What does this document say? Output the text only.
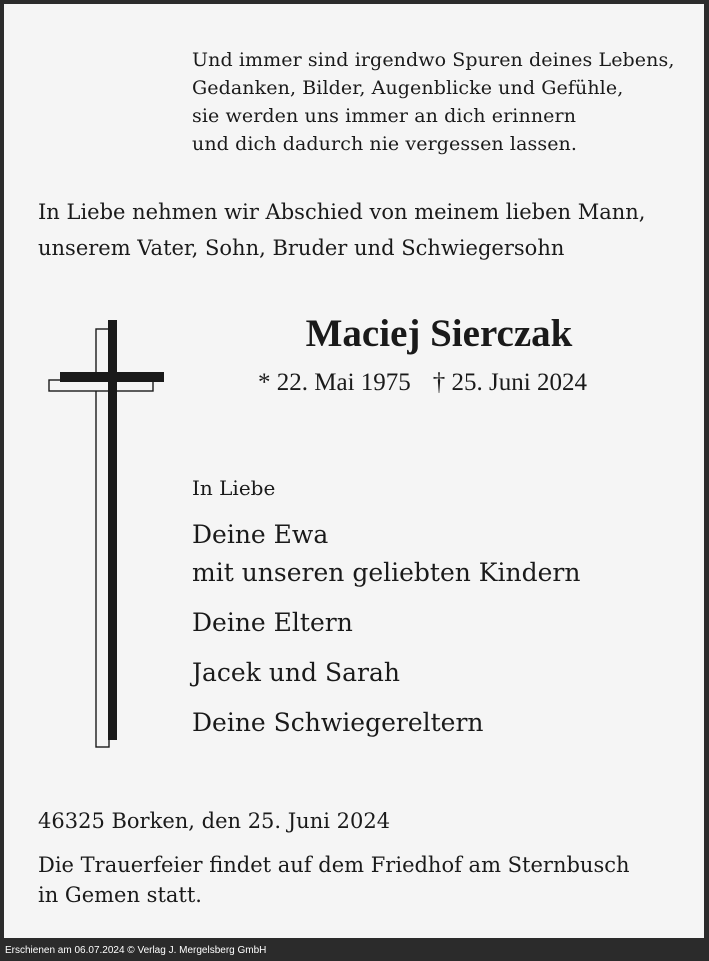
Und immer sind irgendwo Spuren deines Lebens,
Gedanken, Bilder, Augenblicke und Gefühle,
sie werden uns immer an dich erinnern
und dich dadurch nie vergessen lassen.
In Liebe nehmen wir Abschied von meinem lieben Mann,
unserem Vater, Sohn, Bruder und Schwiegersohn
Maciej Sierczak
* 22. Mai 1975 † 25. Juni 2024
In Liebe
Deine Ewa
mit unseren geliebten Kindern
Deine Eltern
Jacek und Sarah
Deine Schwiegereltern
46325 Borken, den 25. Juni 2024
Die Trauerfeier findet auf dem Friedhof am Sternbusch
in Gemen statt.
Erschienen am 06.07.2024 © Verlag J. Mergelsberg GmbH
